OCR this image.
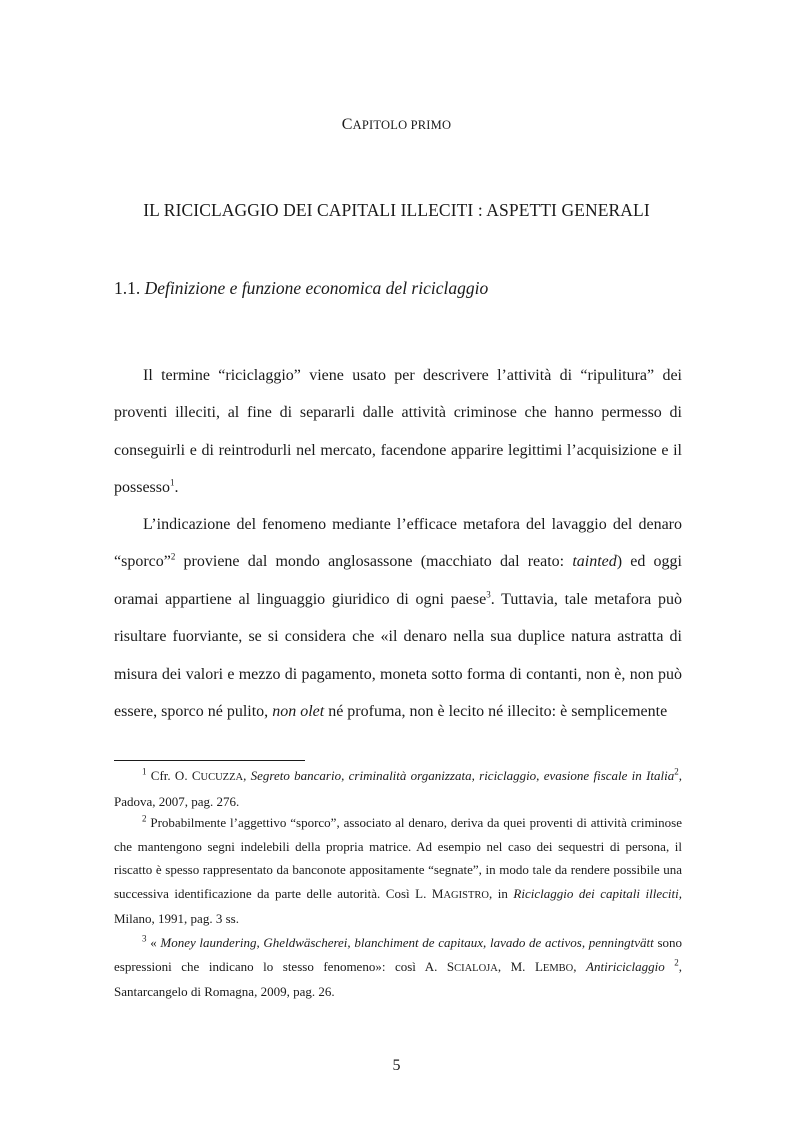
CAPITOLO PRIMO
IL RICICLAGGIO DEI CAPITALI ILLECITI : ASPETTI GENERALI
1.1. Definizione e funzione economica del riciclaggio

Il termine “riciclaggio” viene usato per descrivere l’attività di “ripulitura” dei proventi illeciti, al fine di separarli dalle attività criminose che hanno permesso di conseguirli e di reintrodurli nel mercato, facendone apparire legittimi l’acquisizione e il possesso$^1$.

L’indicazione del fenomeno mediante l’efficace metafora del lavaggio del denaro “sporco”$^2$ proviene dal mondo anglosassone (macchiato dal reato: tainted) ed oggi oramai appartiene al linguaggio giuridico di ogni paese$^3$. Tuttavia, tale metafora può risultare fuorviante, se si considera che «il denaro nella sua duplice natura astratta di misura dei valori e mezzo di pagamento, moneta sotto forma di contanti, non è, non può essere, sporco né pulito, non olet né profuma, non è lecito né illecito: è semplicemente

$^1$ Cfr. O. CUCUZZA, Segreto bancario, criminalità organizzata, riciclaggio, evasione fiscale in Italia$^2$, Padova, 2007, pag. 276.

$^2$ Probabilmente l’aggettivo “sporco”, associato al denaro, deriva da quei proventi di attività criminose che mantengono segni indelebili della propria matrice. Ad esempio nel caso dei sequestri di persona, il riscatto è spesso rappresentato da banconote appositamente “segnate”, in modo tale da rendere possibile una successiva identificazione da parte delle autorità. Così L. MAGISTRO, in Riciclaggio dei capitali illeciti, Milano, 1991, pag. 3 ss.

$^3$ « Money laundering, Gheldwäscherei, blanchiment de capitaux, lavado de activos, penningtvätt sono espressioni che indicano lo stesso fenomeno»: così A. SCIALOJA, M. LEMBO, Antiriciclaggio $^2$, Santarcangelo di Romagna, 2009, pag. 26.

5
